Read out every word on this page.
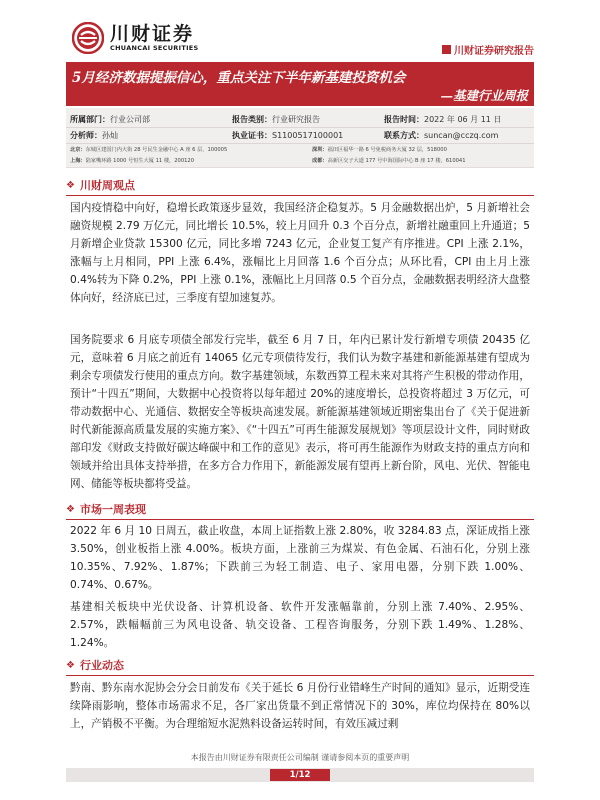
川财证券
CHUANCAI SECURITIES	川财证券研究报告
5月经济数据提振信心，重点关注下半年新基建投资机会
—基建行业周报
所属部门：行业公司部	报告类别：行业研究报告	报告时间：2022 年 06 月 11 日
分析师：孙灿	执业证书：S1100517100001	联系方式：suncan@cczq.com
北京：东城区建国门内大街 28 号民生金融中心 A 座 6 层，100005	深圳：福田区福华一路 6 号免税商务大厦 32 层，518000
上海：陆家嘴环路 1000 号恒生大厦 11 楼，200120	成都：高新区交子大道 177 号中海国际中心 B 座 17 楼，610041
❖ 川财周观点
国内疫情稳中向好，稳增长政策逐步显效，我国经济企稳复苏。5 月金融数据出炉，5 月新增社会融资规模 2.79 万亿元，同比增长 10.5%，较上月回升 0.3 个百分点，新增社融重回上升通道；5 月新增企业贷款 15300 亿元，同比多增 7243 亿元，企业复工复产有序推进。CPI 上涨 2.1%，涨幅与上月相同，PPI 上涨 6.4%，涨幅比上月回落 1.6 个百分点；从环比看，CPI 由上月上涨 0.4%转为下降 0.2%，PPI 上涨 0.1%，涨幅比上月回落 0.5 个百分点，金融数据表明经济大盘整体向好，经济底已过，三季度有望加速复苏。
国务院要求 6 月底专项债全部发行完毕，截至 6 月 7 日，年内已累计发行新增专项债 20435 亿元，意味着 6 月底之前近有 14065 亿元专项债待发行，我们认为数字基建和新能源基建有望成为剩余专项债发行使用的重点方向。数字基建领域，东数西算工程未来对其将产生积极的带动作用，预计“十四五”期间，大数据中心投资将以每年超过 20%的速度增长，总投资将超过 3 万亿元，可带动数据中心、光通信、数据安全等板块高速发展。新能源基建领域近期密集出台了《关于促进新时代新能源高质量发展的实施方案》、《“十四五”可再生能源发展规划》等项层设计文件，同时财政部印发《财政支持做好碳达峰碳中和工作的意见》表示，将可再生能源作为财政支持的重点方向和领域并给出具体支持举措，在多方合力作用下，新能源发展有望再上新台阶，风电、光伏、智能电网、储能等板块都将受益。
❖ 市场一周表现
2022 年 6 月 10 日周五，截止收盘，本周上证指数上涨 2.80%，收 3284.83 点，深证成指上涨 3.50%，创业板指上涨 4.00%。板块方面，上涨前三为煤炭、有色金属、石油石化，分别上涨 10.35%、7.92%、1.87%；下跌前三为轻工制造、电子、家用电器，分别下跌 1.00%、0.74%、0.67%。
基建相关板块中光伏设备、计算机设备、软件开发涨幅靠前，分别上涨 7.40%、2.95%、2.57%，跌幅幅前三为风电设备、轨交设备、工程咨询服务，分别下跌 1.49%、1.28%、1.24%。
❖ 行业动态
黔南、黔东南水泥协会分会日前发布《关于延长 6 月份行业错峰生产时间的通知》显示，近期受连续降雨影响，整体市场需求不足，各厂家出货量不到正常情况下的 30%，库位均保持在 80%以上，产销极不平衡。为合理缩短水泥熟料设备运转时间，有效压减过剩
本报告由川财证券有限责任公司编制 谨请参阅本页的重要声明
1/12
